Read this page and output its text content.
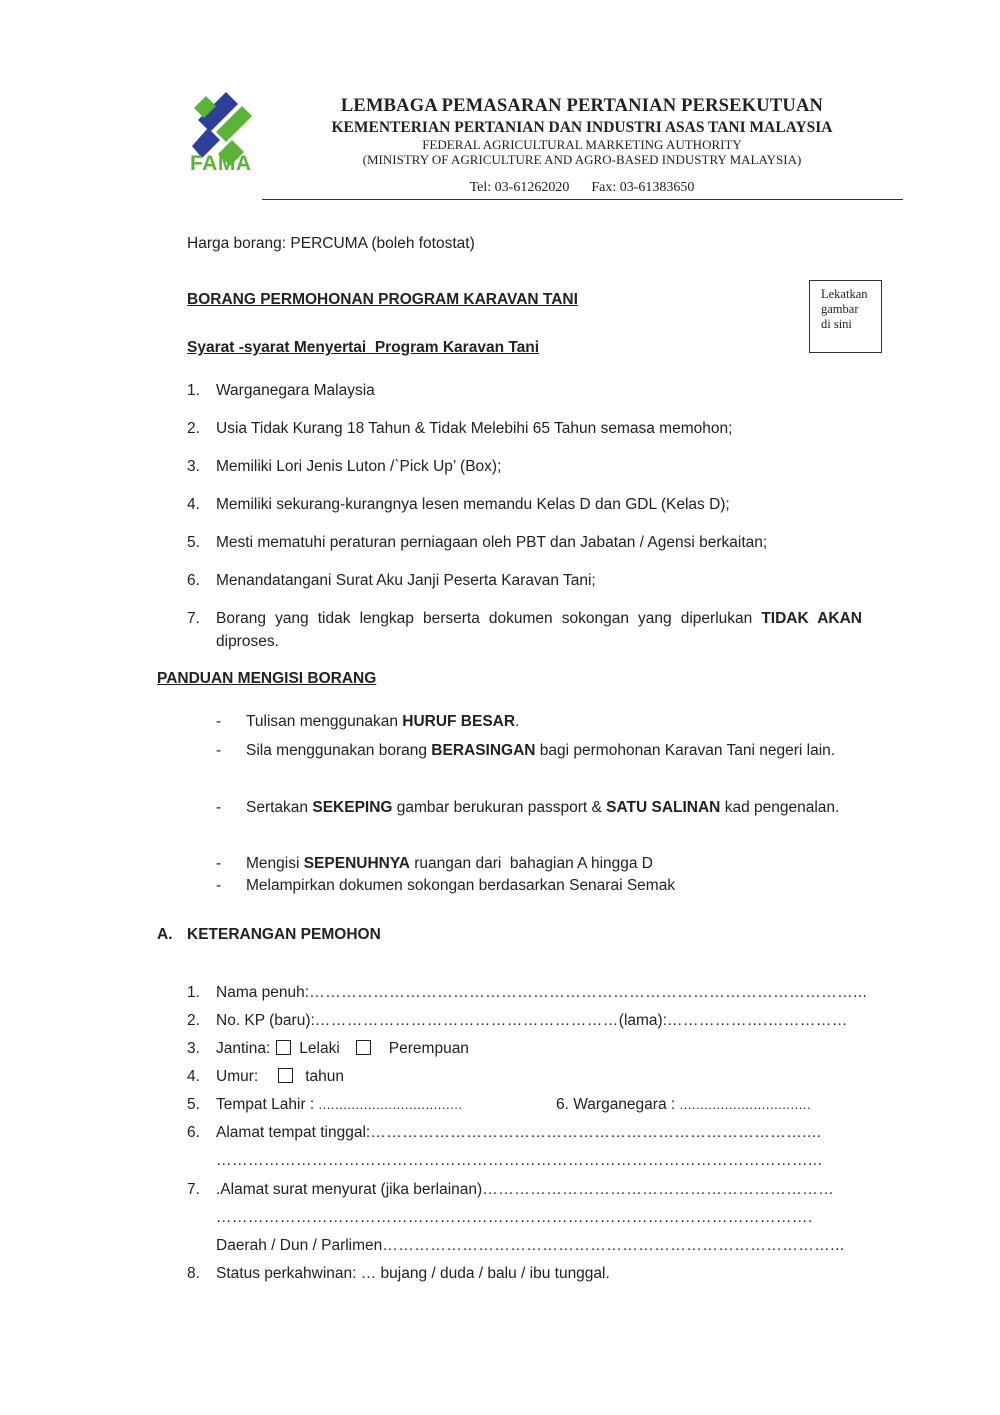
FAMA
LEMBAGA PEMASARAN PERTANIAN PERSEKUTUAN
KEMENTERIAN PERTANIAN DAN INDUSTRI ASAS TANI MALAYSIA
FEDERAL AGRICULTURAL MARKETING AUTHORITY
(MINISTRY OF AGRICULTURE AND AGRO-BASED INDUSTRY MALAYSIA)
Tel: 03-61262020 Fax: 03-61383650
Harga borang: PERCUMA (boleh fotostat)
BORANG PERMOHONAN PROGRAM KARAVAN TANI	Lekatkan
gambar
di sini
Syarat -syarat Menyertai  Program Karavan Tani
1. Warganegara Malaysia
2. Usia Tidak Kurang 18 Tahun & Tidak Melebihi 65 Tahun semasa memohon;
3. Memiliki Lori Jenis Luton /`Pick Up’ (Box);
4. Memiliki sekurang-kurangnya lesen memandu Kelas D dan GDL (Kelas D);
5. Mesti mematuhi peraturan perniagaan oleh PBT dan Jabatan / Agensi berkaitan;
6. Menandatangani Surat Aku Janji Peserta Karavan Tani;
7. Borang yang tidak lengkap berserta dokumen sokongan yang diperlukan TIDAK AKAN diproses.
PANDUAN MENGISI BORANG
- Tulisan menggunakan HURUF BESAR.
- Sila menggunakan borang BERASINGAN bagi permohonan Karavan Tani negeri lain.
- Sertakan SEKEPING gambar berukuran passport & SATU SALINAN kad pengenalan.
- Mengisi SEPENUHNYA ruangan dari  bahagian A hingga D
- Melampirkan dokumen sokongan berdasarkan Senarai Semak
A. KETERANGAN PEMOHON
1. Nama penuh:…………………………………………………………………………………………...
2. No. KP (baru):…………………………………………………(lama):……………….……………
3. Jantina: Lelaki	Perempuan
4. Umur:	tahun
5. Tempat Lahir : ...................................	6. Warganegara : ................................
6. Alamat tempat tinggal:………………………………………………………………………....
…………………………………………………………………………………………………...
7. .Alamat surat menyurat (jika berlainan)…………………………………………………………
………………………………………………………………………………………………….
Daerah / Dun / Parlimen…………………………………………………………………………...
8. Status perkahwinan: … bujang / duda / balu / ibu tunggal.
